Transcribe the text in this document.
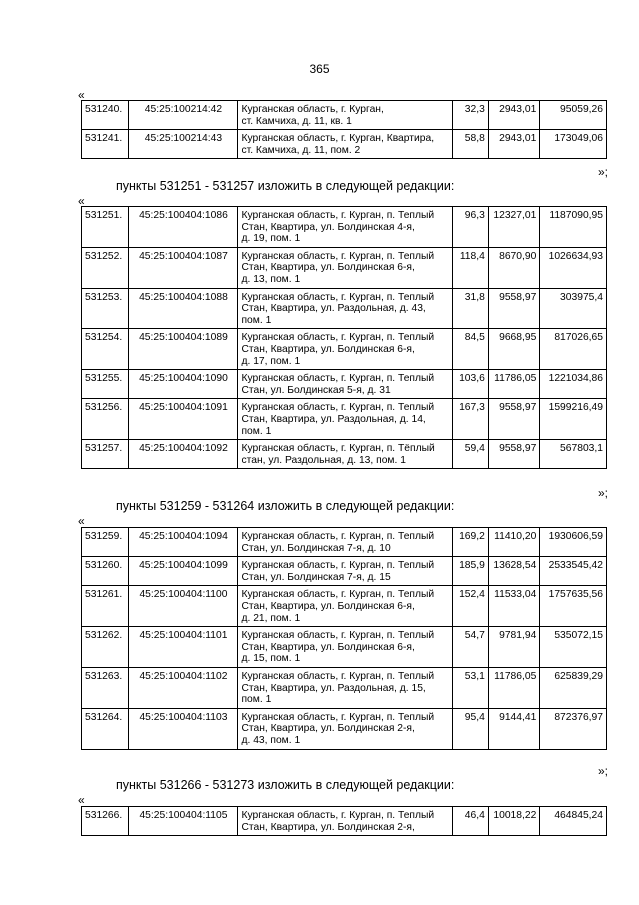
365
«
531240.	45:25:100214:42	Курганская область, г. Курган,
ст. Камчиха, д. 11, кв. 1	32,3	2943,01	95059,26
531241.	45:25:100214:43	Курганская область, г. Курган, Квартира,
ст. Камчиха, д. 11, пом. 2	58,8	2943,01	173049,06
»;
пункты 531251 - 531257 изложить в следующей редакции:
«
531251.	45:25:100404:1086	Курганская область, г. Курган, п. Теплый
Стан, Квартира, ул. Болдинская 4-я,
д. 19, пом. 1	96,3	12327,01	1187090,95
531252.	45:25:100404:1087	Курганская область, г. Курган, п. Теплый
Стан, Квартира, ул. Болдинская 6-я,
д. 13, пом. 1	118,4	8670,90	1026634,93
531253.	45:25:100404:1088	Курганская область, г. Курган, п. Теплый
Стан, Квартира, ул. Раздольная, д. 43,
пом. 1	31,8	9558,97	303975,4
531254.	45:25:100404:1089	Курганская область, г. Курган, п. Теплый
Стан, Квартира, ул. Болдинская 6-я,
д. 17, пом. 1	84,5	9668,95	817026,65
531255.	45:25:100404:1090	Курганская область, г. Курган, п. Теплый
Стан, ул. Болдинская 5-я, д. 31	103,6	11786,05	1221034,86
531256.	45:25:100404:1091	Курганская область, г. Курган, п. Теплый
Стан, Квартира, ул. Раздольная, д. 14,
пом. 1	167,3	9558,97	1599216,49
531257.	45:25:100404:1092	Курганская область, г. Курган, п. Тёплый
стан, ул. Раздольная, д. 13, пом. 1	59,4	9558,97	567803,1
»;
пункты 531259 - 531264 изложить в следующей редакции:
«
531259.	45:25:100404:1094	Курганская область, г. Курган, п. Теплый
Стан, ул. Болдинская 7-я, д. 10	169,2	11410,20	1930606,59
531260.	45:25:100404:1099	Курганская область, г. Курган, п. Теплый
Стан, ул. Болдинская 7-я, д. 15	185,9	13628,54	2533545,42
531261.	45:25:100404:1100	Курганская область, г. Курган, п. Теплый
Стан, Квартира, ул. Болдинская 6-я,
д. 21, пом. 1	152,4	11533,04	1757635,56
531262.	45:25:100404:1101	Курганская область, г. Курган, п. Теплый
Стан, Квартира, ул. Болдинская 6-я,
д. 15, пом. 1	54,7	9781,94	535072,15
531263.	45:25:100404:1102	Курганская область, г. Курган, п. Теплый
Стан, Квартира, ул. Раздольная, д. 15,
пом. 1	53,1	11786,05	625839,29
531264.	45:25:100404:1103	Курганская область, г. Курган, п. Теплый
Стан, Квартира, ул. Болдинская 2-я,
д. 43, пом. 1	95,4	9144,41	872376,97
»;
пункты 531266 - 531273 изложить в следующей редакции:
«
531266.	45:25:100404:1105	Курганская область, г. Курган, п. Теплый
Стан, Квартира, ул. Болдинская 2-я,
	46,4	10018,22	464845,24
